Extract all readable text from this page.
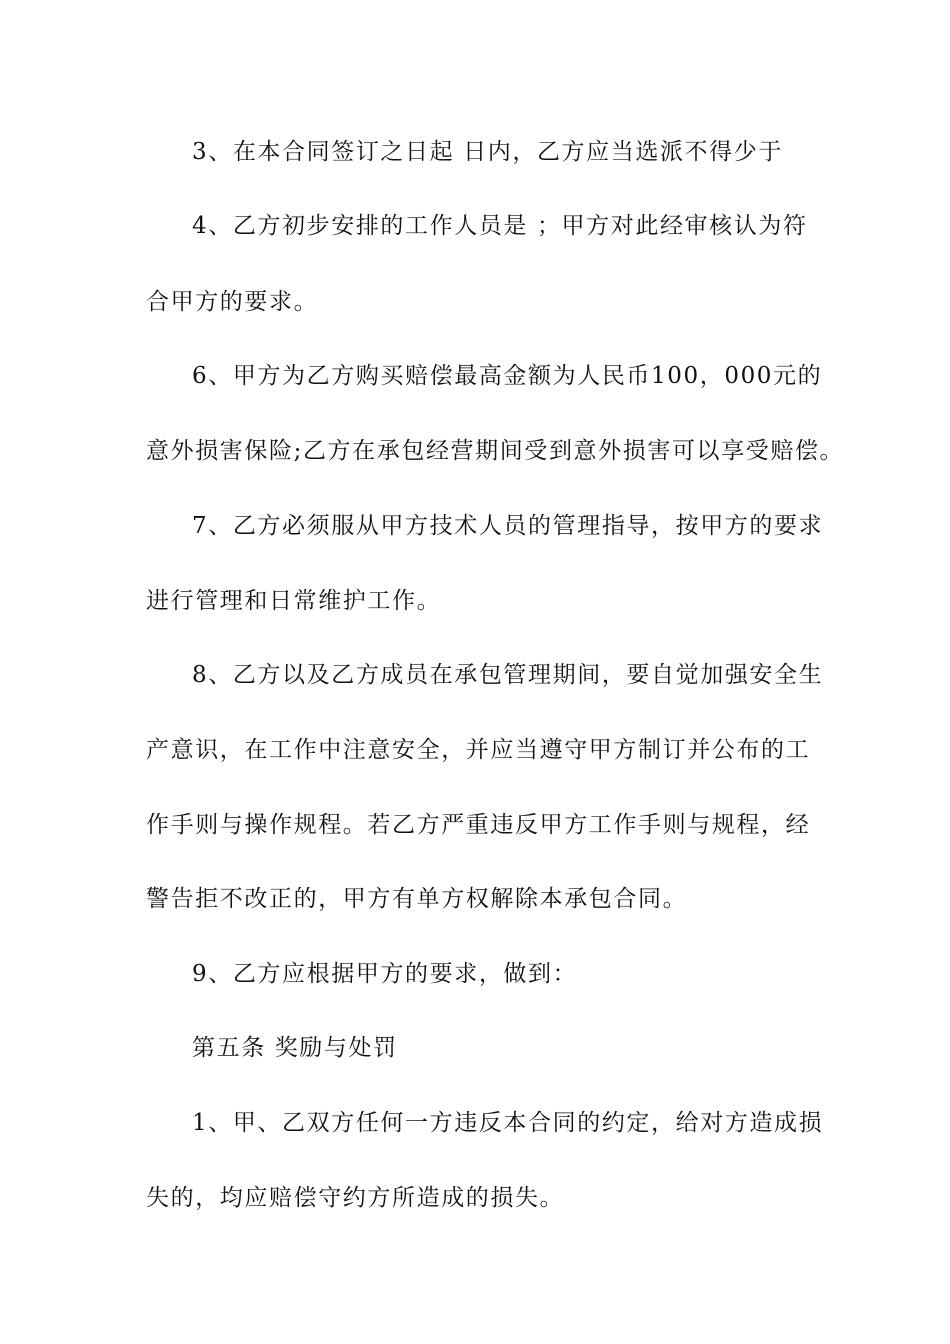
3、在本合同签订之日起 日内，乙方应当选派不得少于
4、乙方初步安排的工作人员是 ；甲方对此经审核认为符
合甲方的要求。
6、甲方为乙方购买赔偿最高金额为人民币100，000元的
意外损害保险;乙方在承包经营期间受到意外损害可以享受赔偿。
7、乙方必须服从甲方技术人员的管理指导，按甲方的要求
进行管理和日常维护工作。
8、乙方以及乙方成员在承包管理期间，要自觉加强安全生
产意识，在工作中注意安全，并应当遵守甲方制订并公布的工
作手则与操作规程。若乙方严重违反甲方工作手则与规程，经
警告拒不改正的，甲方有单方权解除本承包合同。
9、乙方应根据甲方的要求，做到：
第五条 奖励与处罚
1、甲、乙双方任何一方违反本合同的约定，给对方造成损
失的，均应赔偿守约方所造成的损失。
